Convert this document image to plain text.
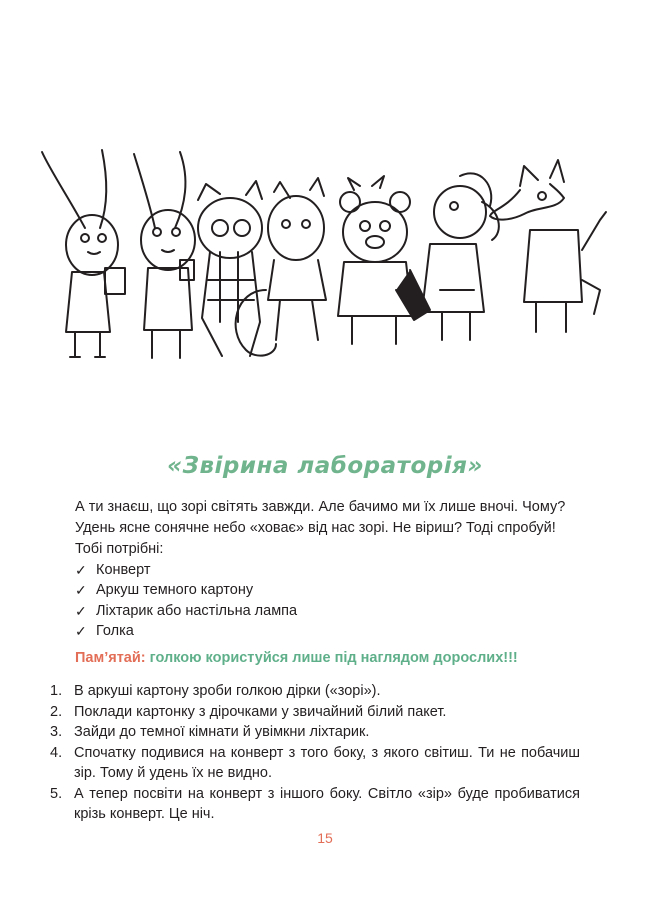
«Звірина лабораторія»

А ти знаєш, що зорі світять завжди. Але бачимо ми їх лише вночі. Чому?

Удень ясне сонячне небо «ховає» від нас зорі. Не віриш? Тоді спробуй!

Тобі потрібні:

✓ Конверт
✓ Аркуш темного картону
✓ Ліхтарик або настільна лампа
✓ Голка
Пам’ятай: голкою користуйся лише під наглядом дорослих!!!
1. В аркуші картону зроби голкою дірки («зорі»).
2. Поклади картонку з дірочками у звичайний білий пакет.
3. Зайди до темної кімнати й увімкни ліхтарик.
4. Спочатку подивися на конверт з того боку, з якого світиш. Ти не побачиш зір. Тому й удень їх не видно.
5. А тепер посвіти на конверт з іншого боку. Світло «зір» буде пробиватися крізь конверт. Це ніч.
15
